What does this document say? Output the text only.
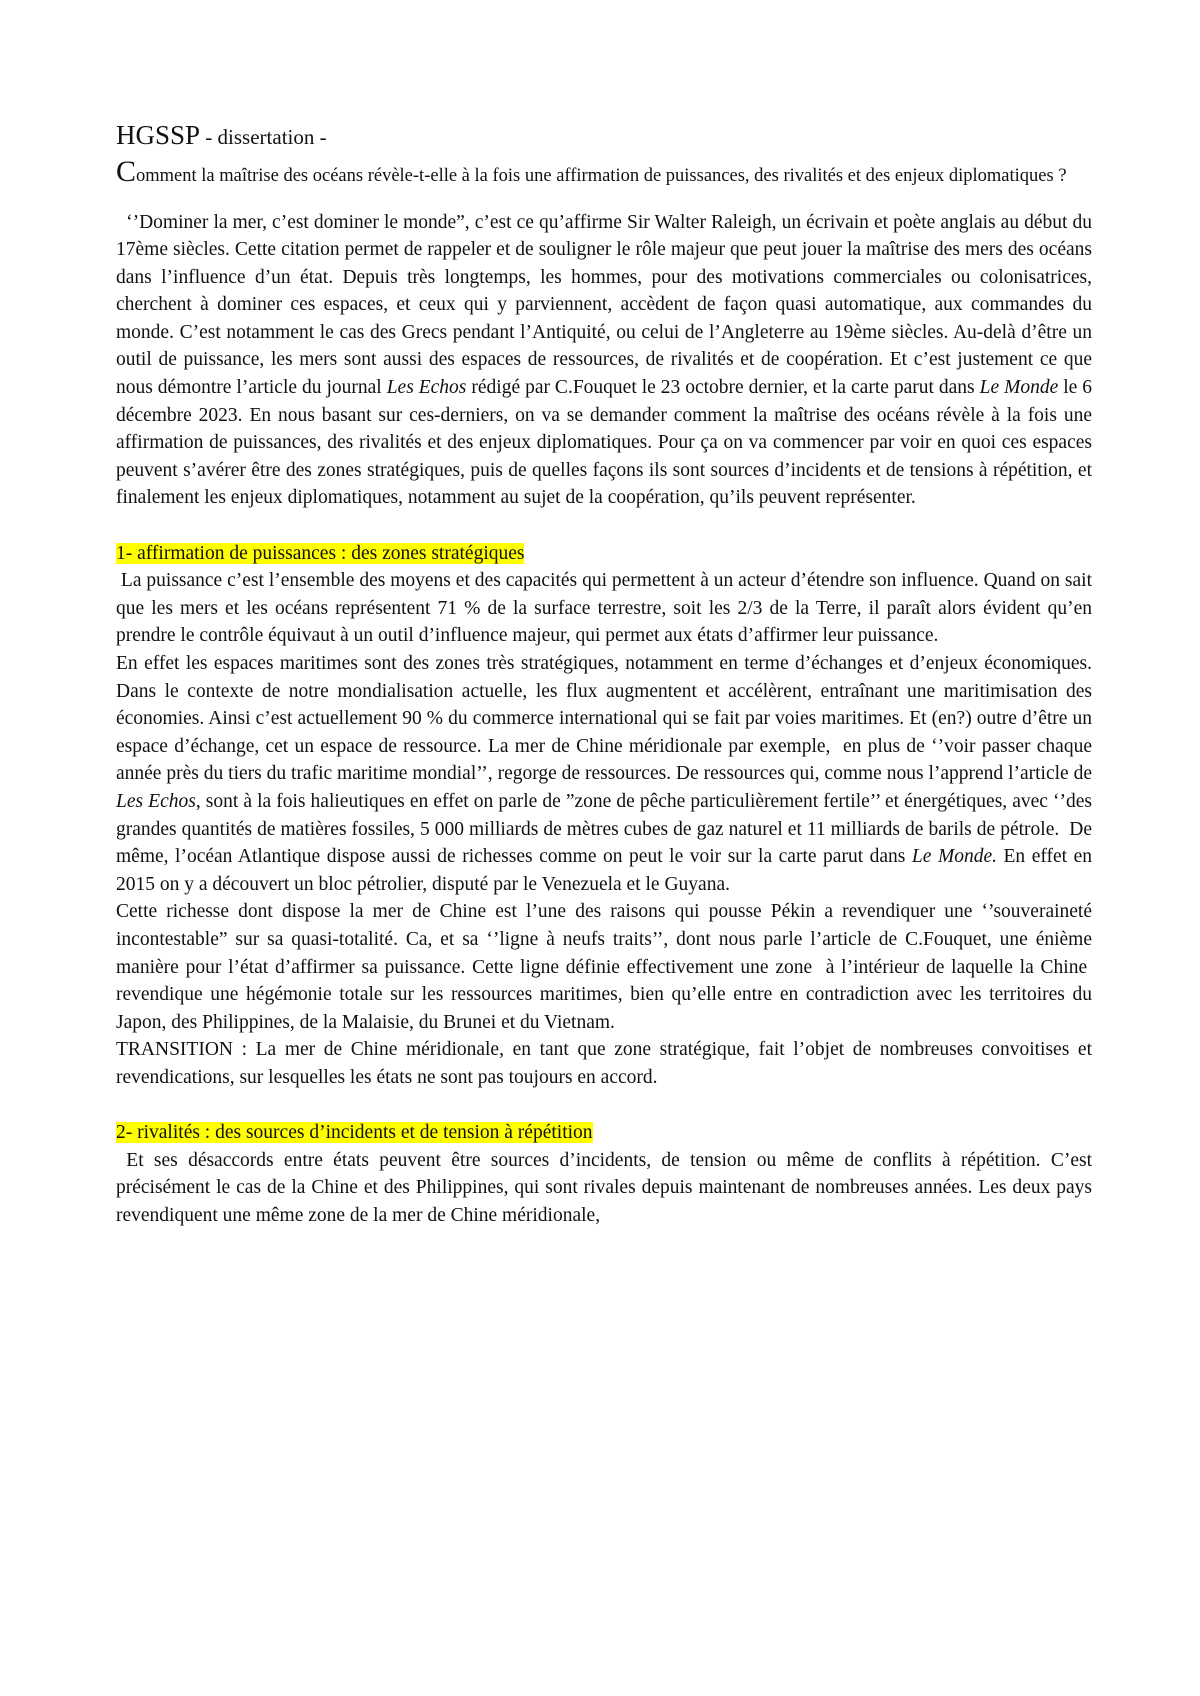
HGSSP - dissertation -

Comment la maîtrise des océans révèle-t-elle à la fois une affirmation de puissances, des rivalités et des enjeux diplomatiques ?

‘’Dominer la mer, c’est dominer le monde”, c’est ce qu’affirme Sir Walter Raleigh, un écrivain et poète anglais au début du 17ème siècles. Cette citation permet de rappeler et de souligner le rôle majeur que peut jouer la maîtrise des mers des océans dans l’influence d’un état. Depuis très longtemps, les hommes, pour des motivations commerciales ou colonisatrices, cherchent à dominer ces espaces, et ceux qui y parviennent, accèdent de façon quasi automatique, aux commandes du monde. C’est notamment le cas des Grecs pendant l’Antiquité, ou celui de l’Angleterre au 19ème siècles. Au-delà d’être un outil de puissance, les mers sont aussi des espaces de ressources, de rivalités et de coopération. Et c’est justement ce que nous démontre l’article du journal Les Echos rédigé par C.Fouquet le 23 octobre dernier, et la carte parut dans Le Monde le 6 décembre 2023. En nous basant sur ces-derniers, on va se demander comment la maîtrise des océans révèle à la fois une affirmation de puissances, des rivalités et des enjeux diplomatiques. Pour ça on va commencer par voir en quoi ces espaces peuvent s’avérer être des zones stratégiques, puis de quelles façons ils sont sources d’incidents et de tensions à répétition, et finalement les enjeux diplomatiques, notamment au sujet de la coopération, qu’ils peuvent représenter.

1- affirmation de puissances : des zones stratégiques

La puissance c’est l’ensemble des moyens et des capacités qui permettent à un acteur d’étendre son influence. Quand on sait que les mers et les océans représentent 71 % de la surface terrestre, soit les 2/3 de la Terre, il paraît alors évident qu’en prendre le contrôle équivaut à un outil d’influence majeur, qui permet aux états d’affirmer leur puissance.

En effet les espaces maritimes sont des zones très stratégiques, notamment en terme d’échanges et d’enjeux économiques. Dans le contexte de notre mondialisation actuelle, les flux augmentent et accélèrent, entraînant une maritimisation des économies. Ainsi c’est actuellement 90 % du commerce international qui se fait par voies maritimes. Et (en?) outre d’être un espace d’échange, cet un espace de ressource. La mer de Chine méridionale par exemple,  en plus de ‘’voir passer chaque année près du tiers du trafic maritime mondial’’, regorge de ressources. De ressources qui, comme nous l’apprend l’article de Les Echos, sont à la fois halieutiques en effet on parle de ”zone de pêche particulièrement fertile’’ et énergétiques, avec ‘’des grandes quantités de matières fossiles, 5 000 milliards de mètres cubes de gaz naturel et 11 milliards de barils de pétrole.  De même, l’océan Atlantique dispose aussi de richesses comme on peut le voir sur la carte parut dans Le Monde. En effet en 2015 on y a découvert un bloc pétrolier, disputé par le Venezuela et le Guyana.

Cette richesse dont dispose la mer de Chine est l’une des raisons qui pousse Pékin a revendiquer une ‘’souveraineté incontestable” sur sa quasi-totalité. Ca, et sa ‘’ligne à neufs traits’’, dont nous parle l’article de C.Fouquet, une énième manière pour l’état d’affirmer sa puissance. Cette ligne définie effectivement une zone  à l’intérieur de laquelle la Chine  revendique une hégémonie totale sur les ressources maritimes, bien qu’elle entre en contradiction avec les territoires du Japon, des Philippines, de la Malaisie, du Brunei et du Vietnam.

TRANSITION : La mer de Chine méridionale, en tant que zone stratégique, fait l’objet de nombreuses convoitises et revendications, sur lesquelles les états ne sont pas toujours en accord.

2- rivalités : des sources d’incidents et de tension à répétition

Et ses désaccords entre états peuvent être sources d’incidents, de tension ou même de conflits à répétition. C’est précisément le cas de la Chine et des Philippines, qui sont rivales depuis maintenant de nombreuses années. Les deux pays revendiquent une même zone de la mer de Chine méridionale,
